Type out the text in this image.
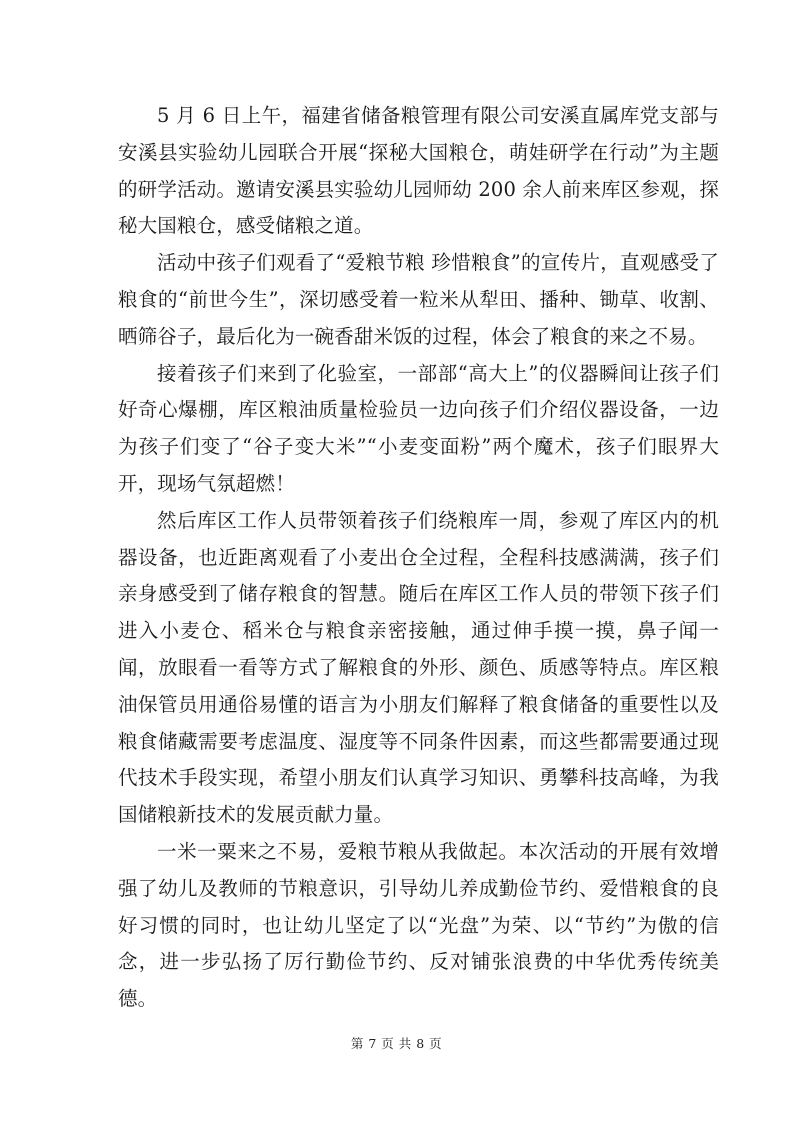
5 月 6 日上午，福建省储备粮管理有限公司安溪直属库党支部与安溪县实验幼儿园联合开展“探秘大国粮仓，萌娃研学在行动”为主题的研学活动。邀请安溪县实验幼儿园师幼 200 余人前来库区参观，探秘大国粮仓，感受储粮之道。

活动中孩子们观看了“爱粮节粮 珍惜粮食”的宣传片，直观感受了粮食的“前世今生”，深切感受着一粒米从犁田、播种、锄草、收割、晒筛谷子，最后化为一碗香甜米饭的过程，体会了粮食的来之不易。

接着孩子们来到了化验室，一部部“高大上”的仪器瞬间让孩子们好奇心爆棚，库区粮油质量检验员一边向孩子们介绍仪器设备，一边为孩子们变了“谷子变大米”“小麦变面粉”两个魔术，孩子们眼界大开，现场气氛超燃！

然后库区工作人员带领着孩子们绕粮库一周，参观了库区内的机器设备，也近距离观看了小麦出仓全过程，全程科技感满满，孩子们亲身感受到了储存粮食的智慧。随后在库区工作人员的带领下孩子们进入小麦仓、稻米仓与粮食亲密接触，通过伸手摸一摸，鼻子闻一闻，放眼看一看等方式了解粮食的外形、颜色、质感等特点。库区粮油保管员用通俗易懂的语言为小朋友们解释了粮食储备的重要性以及粮食储藏需要考虑温度、湿度等不同条件因素，而这些都需要通过现代技术手段实现，希望小朋友们认真学习知识、勇攀科技高峰，为我国储粮新技术的发展贡献力量。

一米一粟来之不易，爱粮节粮从我做起。本次活动的开展有效增强了幼儿及教师的节粮意识，引导幼儿养成勤俭节约、爱惜粮食的良好习惯的同时，也让幼儿坚定了以“光盘”为荣、以“节约”为傲的信念，进一步弘扬了厉行勤俭节约、反对铺张浪费的中华优秀传统美德。

第 7 页 共 8 页
